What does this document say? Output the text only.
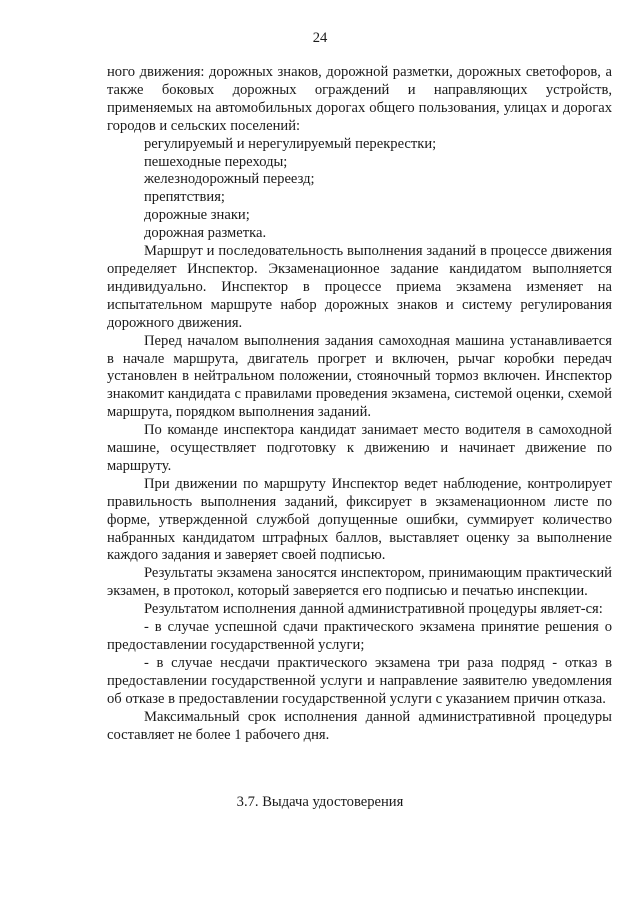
24

ного движения: дорожных знаков, дорожной разметки, дорожных светофоров, а также боковых дорожных ограждений и направляющих устройств, применяемых на автомобильных дорогах общего пользования, улицах и дорогах городов и сельских поселений:

регулируемый и нерегулируемый перекрестки;

пешеходные переходы;

железнодорожный переезд;

препятствия;

дорожные знаки;

дорожная разметка.

Маршрут и последовательность выполнения заданий в процессе движения определяет Инспектор. Экзаменационное задание кандидатом выполняется индивидуально. Инспектор в процессе приема экзамена изменяет на испытательном маршруте набор дорожных знаков и систему регулирования дорожного движения.

Перед началом выполнения задания самоходная машина устанавливается в начале маршрута, двигатель прогрет и включен, рычаг коробки передач установлен в нейтральном положении, стояночный тормоз включен. Инспектор знакомит кандидата с правилами проведения экзамена, системой оценки, схемой маршрута, порядком выполнения заданий.

По команде инспектора кандидат занимает место водителя в самоходной машине, осуществляет подготовку к движению и начинает движение по маршруту.

При движении по маршруту Инспектор ведет наблюдение, контролирует правильность выполнения заданий, фиксирует в экзаменационном листе по форме, утвержденной службой допущенные ошибки, суммирует количество набранных кандидатом штрафных баллов, выставляет оценку за выполнение каждого задания и заверяет своей подписью.

Результаты экзамена заносятся инспектором, принимающим практический экзамен, в протокол, который заверяется его подписью и печатью инспекции.

Результатом исполнения данной административной процедуры являет-ся:

- в случае успешной сдачи практического экзамена принятие решения о предоставлении государственной услуги;

- в случае несдачи практического экзамена три раза подряд - отказ в предоставлении государственной услуги и направление заявителю уведомления об отказе в предоставлении государственной услуги с указанием причин отказа.

Максимальный срок исполнения данной административной процедуры составляет не более 1 рабочего дня.

3.7. Выдача удостоверения
